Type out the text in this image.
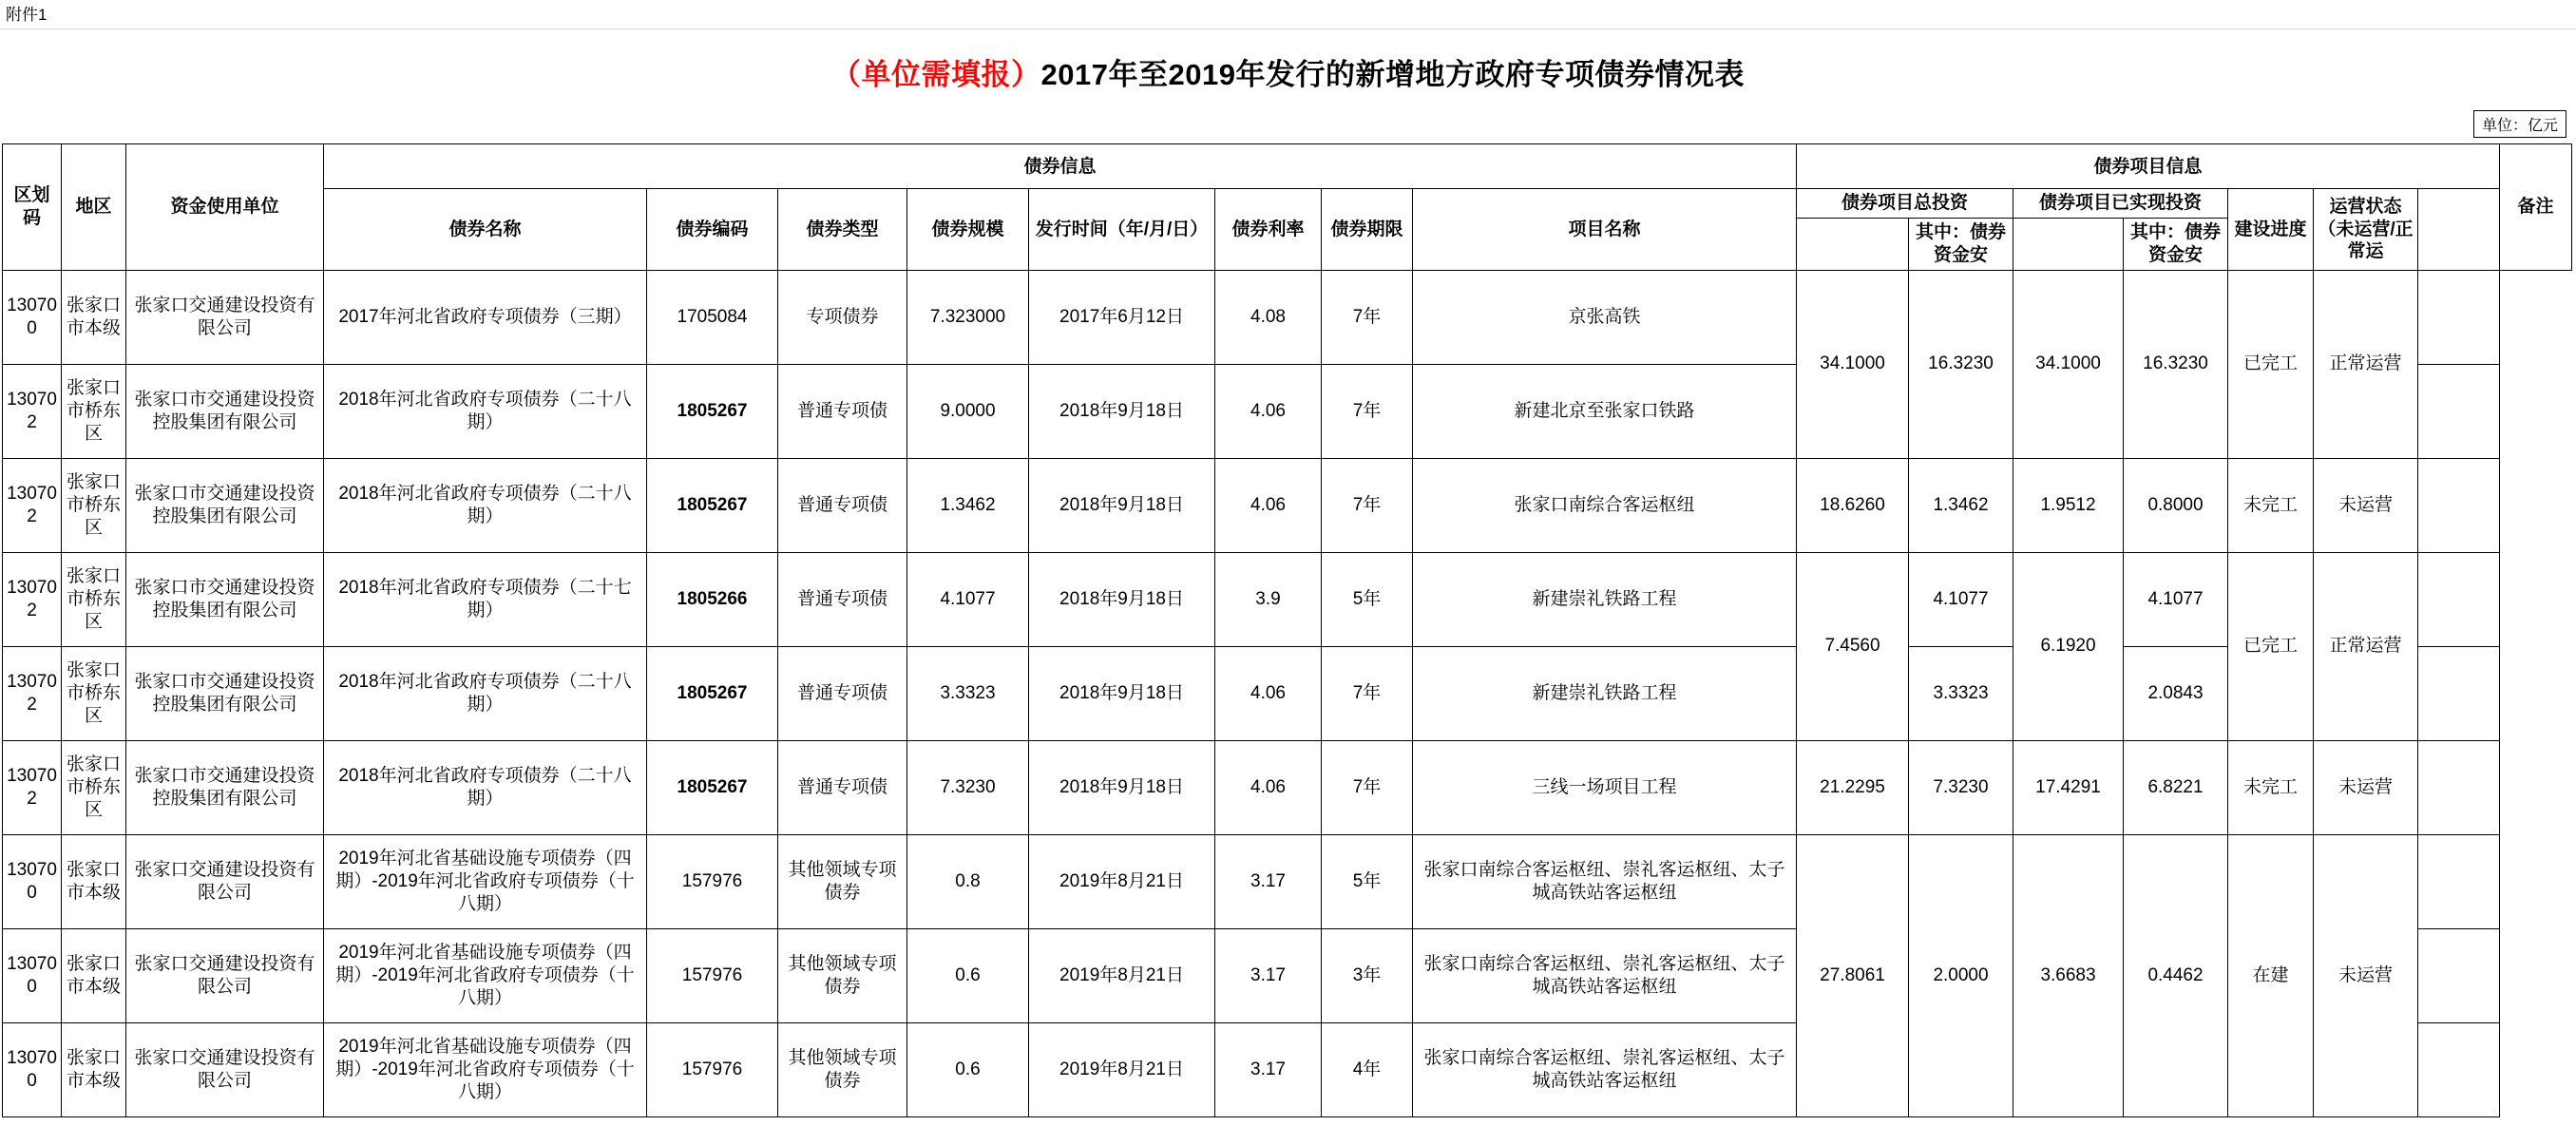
附件1
（单位需填报）2017年至2019年发行的新增地方政府专项债券情况表
单位：亿元
区划码	地区	资金使用单位	债券信息								债券项目信息							备注
			债券名称	债券编码	债券类型	债券规模	发行时间（年/月/日）	债券利率	债券期限	项目名称	债券项目总投资		债券项目已实现投资		建设进度	运营状态（未运营/正常运		
												其中：债券资金安		其中：债券资金安				
130700	张家口市本级	张家口交通建设投资有限公司	2017年河北省政府专项债券（三期）	1705084	专项债券	7.323000	2017年6月12日	4.08	7年	京张高铁	34.1000	16.3230	34.1000	16.3230	已完工	正常运营		
130702	张家口市桥东区	张家口市交通建设投资控股集团有限公司	2018年河北省政府专项债券（二十八期）	1805267	普通专项债	9.0000	2018年9月18日	4.06	7年	新建北京至张家口铁路								
130702	张家口市桥东区	张家口市交通建设投资控股集团有限公司	2018年河北省政府专项债券（二十八期）	1805267	普通专项债	1.3462	2018年9月18日	4.06	7年	张家口南综合客运枢纽	18.6260	1.3462	1.9512	0.8000	未完工	未运营		
130702	张家口市桥东区	张家口市交通建设投资控股集团有限公司	2018年河北省政府专项债券（二十七期）	1805266	普通专项债	4.1077	2018年9月18日	3.9	5年	新建崇礼铁路工程	7.4560	4.1077	6.1920	4.1077	已完工	正常运营		
130702	张家口市桥东区	张家口市交通建设投资控股集团有限公司	2018年河北省政府专项债券（二十八期）	1805267	普通专项债	3.3323	2018年9月18日	4.06	7年	新建崇礼铁路工程		3.3323		2.0843				
130702	张家口市桥东区	张家口市交通建设投资控股集团有限公司	2018年河北省政府专项债券（二十八期）	1805267	普通专项债	7.3230	2018年9月18日	4.06	7年	三线一场项目工程	21.2295	7.3230	17.4291	6.8221	未完工	未运营		
130700	张家口市本级	张家口交通建设投资有限公司	2019年河北省基础设施专项债券（四期）-2019年河北省政府专项债券（十八期）	157976	其他领域专项债券	0.8	2019年8月21日	3.17	5年	张家口南综合客运枢纽、崇礼客运枢纽、太子城高铁站客运枢纽	27.8061	2.0000	3.6683	0.4462	在建	未运营		
130700	张家口市本级	张家口交通建设投资有限公司	2019年河北省基础设施专项债券（四期）-2019年河北省政府专项债券（十八期）	157976	其他领域专项债券	0.6	2019年8月21日	3.17	3年	张家口南综合客运枢纽、崇礼客运枢纽、太子城高铁站客运枢纽								
130700	张家口市本级	张家口交通建设投资有限公司	2019年河北省基础设施专项债券（四期）-2019年河北省政府专项债券（十八期）	157976	其他领域专项债券	0.6	2019年8月21日	3.17	4年	张家口南综合客运枢纽、崇礼客运枢纽、太子城高铁站客运枢纽								
